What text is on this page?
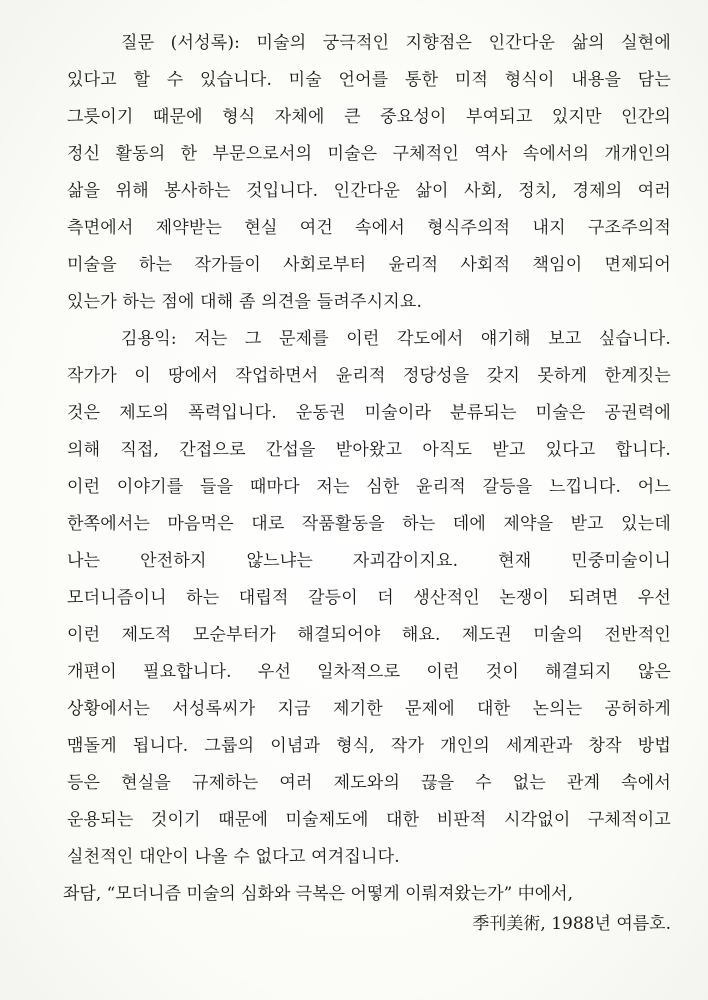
질문 (서성록): 미술의 궁극적인 지향점은 인간다운 삶의 실현에
있다고 할 수 있습니다. 미술 언어를 통한 미적 형식이 내용을 담는
그릇이기 때문에 형식 자체에 큰 중요성이 부여되고 있지만 인간의
정신 활동의 한 부문으로서의 미술은 구체적인 역사 속에서의 개개인의
삶을 위해 봉사하는 것입니다. 인간다운 삶이 사회, 정치, 경제의 여러
측면에서 제약받는 현실 여건 속에서 형식주의적 내지 구조주의적
미술을 하는 작가들이 사회로부터 윤리적 사회적 책임이 면제되어
있는가 하는 점에 대해 좀 의견을 들려주시지요.
김용익: 저는 그 문제를 이런 각도에서 얘기해 보고 싶습니다.
작가가 이 땅에서 작업하면서 윤리적 정당성을 갖지 못하게 한계짓는
것은 제도의 폭력입니다. 운동권 미술이라 분류되는 미술은 공권력에
의해 직접, 간접으로 간섭을 받아왔고 아직도 받고 있다고 합니다.
이런 이야기를 들을 때마다 저는 심한 윤리적 갈등을 느낍니다. 어느
한쪽에서는 마음먹은 대로 작품활동을 하는 데에 제약을 받고 있는데
나는 안전하지 않느냐는 자괴감이지요. 현재 민중미술이니
모더니즘이니 하는 대립적 갈등이 더 생산적인 논쟁이 되려면 우선
이런 제도적 모순부터가 해결되어야 해요. 제도권 미술의 전반적인
개편이 필요합니다. 우선 일차적으로 이런 것이 해결되지 않은
상황에서는 서성록씨가 지금 제기한 문제에 대한 논의는 공허하게
맴돌게 됩니다. 그룹의 이념과 형식, 작가 개인의 세계관과 창작 방법
등은 현실을 규제하는 여러 제도와의 끊을 수 없는 관계 속에서
운용되는 것이기 때문에 미술제도에 대한 비판적 시각없이 구체적이고
실천적인 대안이 나올 수 없다고 여겨집니다.
좌담, “모더니즘 미술의 심화와 극복은 어떻게 이뤄져왔는가” 中에서,
季刊美術, 1988년 여름호.
